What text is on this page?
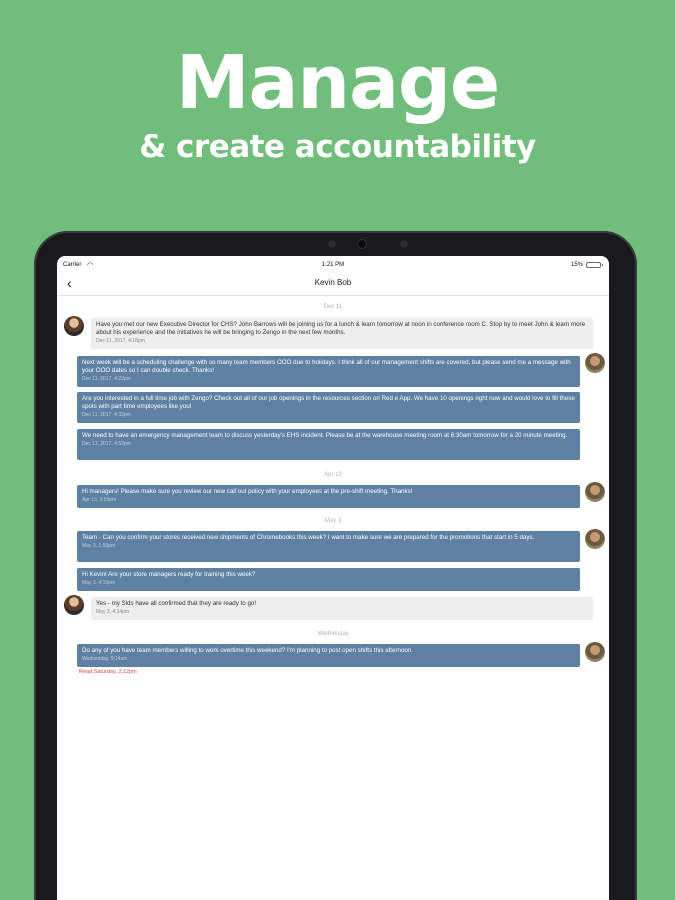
Manage
& create accountability
Carrier ◠	1:21 PM	15%
‹	Kevin Bob
Dec 11
Have you met our new Executive Director for CHS? John Barrows will be joining us for a lunch & learn tomorrow at noon in conference room C. Stop by to meet John & learn more about his experience and the initiatives he will be bringing to Zengo in the next few months.
Dec 11, 2017, 4:18pm
Next week will be a scheduling challenge with so many team members OOO due to holidays. I think all of our management shifts are covered, but please send me a message with your OOO dates so I can double check. Thanks!
Dec 11, 2017, 4:22pm
Are you interested in a full time job with Zengo? Check out all of our job openings in the resources section on Red e App. We have 10 openings right now and would love to fill these spots with part time employees like you!
Dec 11, 2017, 4:32pm
We need to have an emergency management team to discuss yesterday's EHS incident. Please be at the warehouse meeting room at 6:30am tomorrow for a 20 minute meeting.
Dec 11, 2017, 4:52pm
Apr 13
Hi managers! Please make sure you review our new call out policy with your employees at the pre-shift meeting. Thanks!
Apr 13, 3:59pm
May 3
Team - Can you confirm your stores received new shipments of Chromebooks this week? I want to make sure we are prepared for the promotions that start in 5 days.
May 3, 1:59pm
Hi Kevin! Are your store managers ready for training this week?
May 3, 4:10pm
Yes - my Slds have all confirmed that they are ready to go!
May 3, 4:14pm
Wednesday
Do any of you have team members willing to work overtime this weekend? I'm planning to post open shifts this afternoon.
Wednesday, 9:14am
Read Saturday, 2:12pm
